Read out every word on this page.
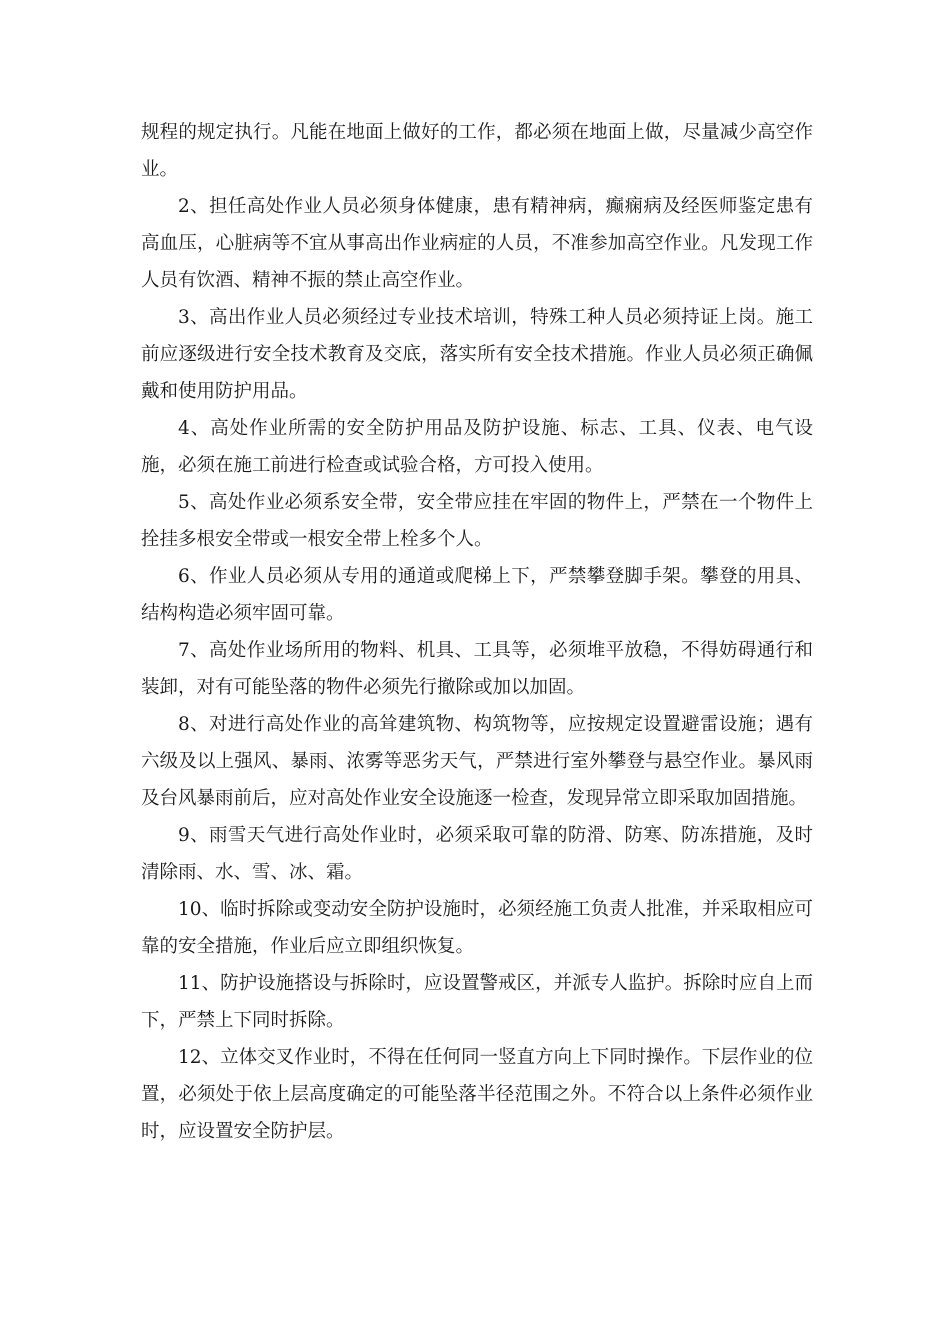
规程的规定执行。凡能在地面上做好的工作，都必须在地面上做，尽量减少高空作业。

2、担任高处作业人员必须身体健康，患有精神病，癫痫病及经医师鉴定患有高血压，心脏病等不宜从事高出作业病症的人员，不准参加高空作业。凡发现工作人员有饮酒、精神不振的禁止高空作业。

3、高出作业人员必须经过专业技术培训，特殊工种人员必须持证上岗。施工前应逐级进行安全技术教育及交底，落实所有安全技术措施。作业人员必须正确佩戴和使用防护用品。

4、高处作业所需的安全防护用品及防护设施、标志、工具、仪表、电气设施，必须在施工前进行检查或试验合格，方可投入使用。

5、高处作业必须系安全带，安全带应挂在牢固的物件上，严禁在一个物件上拴挂多根安全带或一根安全带上栓多个人。

6、作业人员必须从专用的通道或爬梯上下，严禁攀登脚手架。攀登的用具、结构构造必须牢固可靠。

7、高处作业场所用的物料、机具、工具等，必须堆平放稳，不得妨碍通行和装卸，对有可能坠落的物件必须先行撤除或加以加固。

8、对进行高处作业的高耸建筑物、构筑物等，应按规定设置避雷设施；遇有六级及以上强风、暴雨、浓雾等恶劣天气，严禁进行室外攀登与悬空作业。暴风雨及台风暴雨前后，应对高处作业安全设施逐一检查，发现异常立即采取加固措施。

9、雨雪天气进行高处作业时，必须采取可靠的防滑、防寒、防冻措施，及时清除雨、水、雪、冰、霜。

10、临时拆除或变动安全防护设施时，必须经施工负责人批准，并采取相应可靠的安全措施，作业后应立即组织恢复。

11、防护设施搭设与拆除时，应设置警戒区，并派专人监护。拆除时应自上而下，严禁上下同时拆除。

12、立体交叉作业时，不得在任何同一竖直方向上下同时操作。下层作业的位置，必须处于依上层高度确定的可能坠落半径范围之外。不符合以上条件必须作业时，应设置安全防护层。
